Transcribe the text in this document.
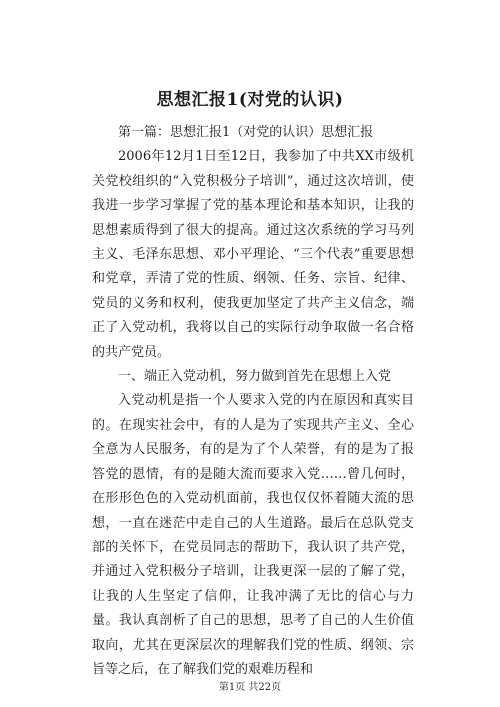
思想汇报1(对党的认识)

第一篇：思想汇报1（对党的认识）思想汇报

2006年12月1日至12日，我参加了中共XX市级机关党校组织的“入党积极分子培训”，通过这次培训，使我进一步学习掌握了党的基本理论和基本知识，让我的思想素质得到了很大的提高。通过这次系统的学习马列主义、毛泽东思想、邓小平理论、“三个代表”重要思想和党章，弄清了党的性质、纲领、任务、宗旨、纪律、党员的义务和权利，使我更加坚定了共产主义信念，端正了入党动机，我将以自己的实际行动争取做一名合格的共产党员。

一、端正入党动机，努力做到首先在思想上入党

入党动机是指一个人要求入党的内在原因和真实目的。在现实社会中，有的人是为了实现共产主义、全心全意为人民服务，有的是为了个人荣誉，有的是为了报答党的恩情，有的是随大流而要求入党……曾几何时，在形形色色的入党动机面前，我也仅仅怀着随大流的思想，一直在迷茫中走自己的人生道路。最后在总队党支部的关怀下，在党员同志的帮助下，我认识了共产党，并通过入党积极分子培训，让我更深一层的了解了党，让我的人生坚定了信仰，让我冲满了无比的信心与力量。我认真剖析了自己的思想，思考了自己的人生价值取向，尤其在更深层次的理解我们党的性质、纲领、宗旨等之后，在了解我们党的艰难历程和

第1页 共22页
